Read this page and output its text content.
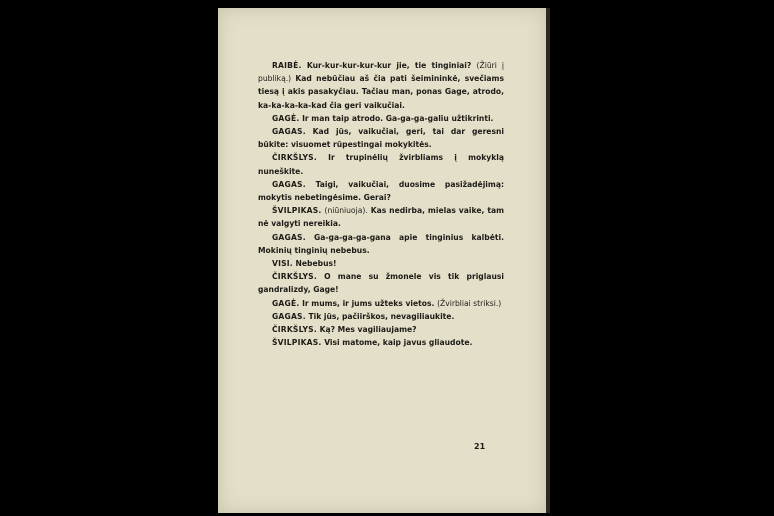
RAIBĖ. Kur-kur-kur-kur-kur jie, tie tinginiai? (Žiūri į publiką.) Kad nebūčiau aš čia pati šeimininkė, svečiams tiesą į akis pasakyčiau. Tačiau man, ponas Gage, atrodo, ka-ka-ka-ka-kad čia geri vaikučiai.

GAGĖ. Ir man taip atrodo. Ga-ga-ga-galiu užtikrinti.

GAGAS. Kad jūs, vaikučiai, geri, tai dar geresni būkite: visuomet rūpestingai mokykitės.

ČIRKŠLYS. Ir trupinėlių žvirbliams į mokyklą nuneškite.

GAGAS. Taigi, vaikučiai, duosime pasižadėjimą: mokytis nebetingėsime. Gerai?

ŠVILPIKAS. (niūniuoja). Kas nedirba, mielas vaike, tam nė valgyti nereikia.

GAGAS. Ga-ga-ga-ga-gana apie tinginius kalbėti. Mokinių tinginių nebebus.

VISI. Nebebus!

ČIRKŠLYS. O mane su žmonele vis tik priglausi gandralizdy, Gage!

GAGĖ. Ir mums, ir jums užteks vietos. (Žvirbliai striksi.)

GAGAS. Tik jūs, pačiirškos, nevagiliaukite.

ČIRKŠLYS. Ką? Mes vagiliaujame?

ŠVILPIKAS. Visi matome, kaip javus gliaudote.

21
